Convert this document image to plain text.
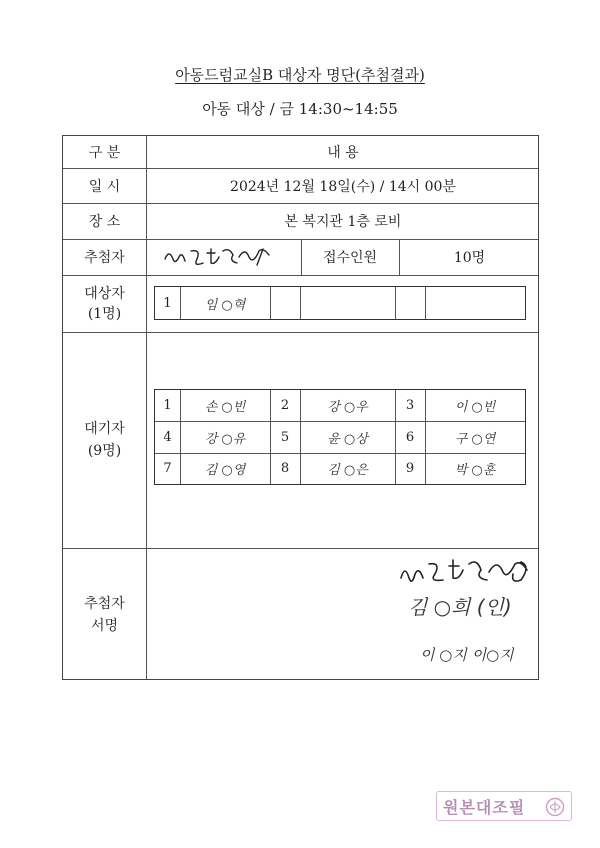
아동드럼교실B 대상자 명단(추첨결과)
아동 대상 / 금 14:30~14:55
구 분	내 용
일 시	2024년 12월 18일(수) / 14시 00분
장 소	본 복지관 1층 로비
추첨자	접수인원	10명
대상자
(1명)
1	임 ○혁
대기자
(9명)
1	손 ○빈	2	강 ○우	3	이 ○빈
4	강 ○유	5	윤 ○상	6	구 ○연
7	김 ○영	8	김 ○은	9	박 ○훈
추첨자
서명
김 ○희 (인)
이 ○지 이○지
원본대조필
